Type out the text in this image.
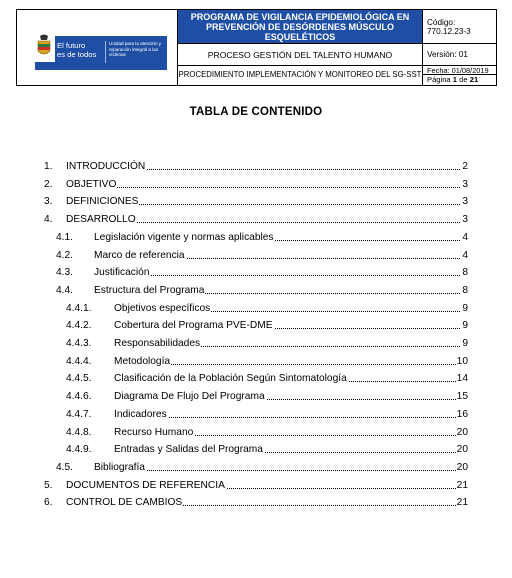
El futuro
es de todos
Unidad para la atención y reparación integral a las víctimas
PROGRAMA DE VIGILANCIA EPIDEMIOLÓGICA EN PREVENCIÓN DE DESÓRDENES MÚSCULO ESQUELÉTICOS
Código: 770.12.23-3
PROCESO GESTIÓN DEL TALENTO HUMANO	Versión: 01
PROCEDIMIENTO IMPLEMENTACIÓN Y MONITOREO DEL SG-SST Fecha: 01/08/2019
Página 1 de 21
TABLA DE CONTENIDO
1. INTRODUCCIÓN	2
2. OBJETIVO	3
3. DEFINICIONES	3
4. DESARROLLO	3
4.1. Legislación vigente y normas aplicables	4
4.2. Marco de referencia	4
4.3. Justificación	8
4.4. Estructura del Programa	8
4.4.1. Objetivos específicos	9
4.4.2. Cobertura del Programa PVE-DME	9
4.4.3. Responsabilidades	9
4.4.4. Metodología	10
4.4.5. Clasificación de la Población Según Sintomatología	14
4.4.6. Diagrama De Flujo Del Programa	15
4.4.7. Indicadores	16
4.4.8. Recurso Humano	20
4.4.9. Entradas y Salidas del Programa	20
4.5. Bibliografía	20
5. DOCUMENTOS DE REFERENCIA	21
6. CONTROL DE CAMBIOS	21
